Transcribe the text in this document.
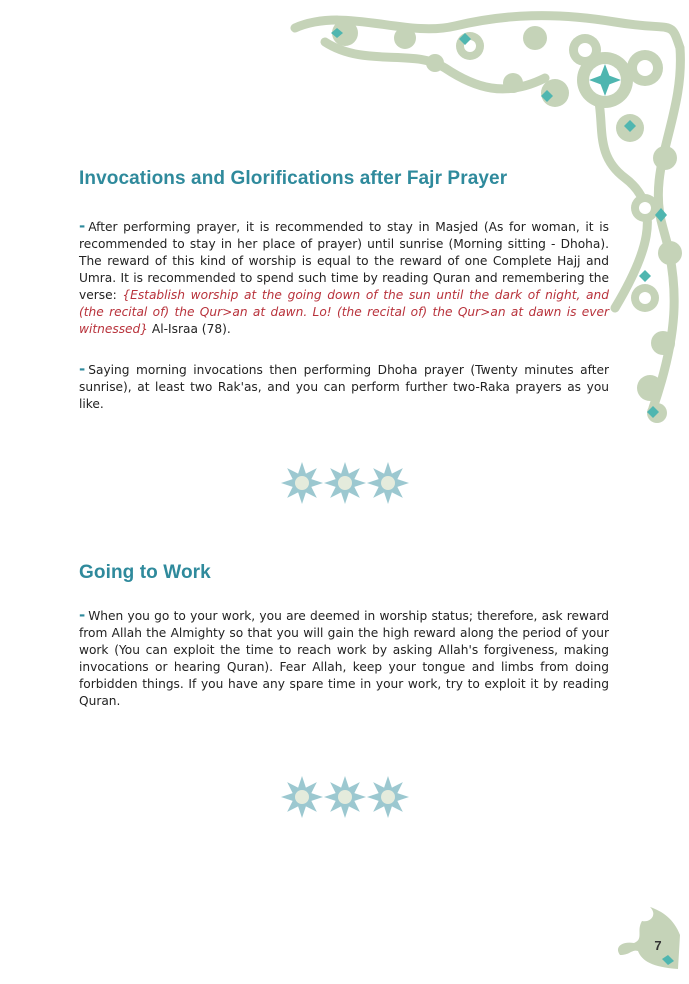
Invocations and Glorifications after Fajr Prayer

- After performing prayer, it is recommended to stay in Masjed (As for woman, it is recommended to stay in her place of prayer) until sunrise (Morning sitting - Dhoha). The reward of this kind of worship is equal to the reward of one Complete Hajj and Umra. It is recommended to spend such time by reading Quran and remembering the verse: {Establish worship at the going down of the sun until the dark of night, and (the recital of) the Qur>an at dawn. Lo! (the recital of) the Qur>an at dawn is ever witnessed} Al-Israa (78).

- Saying morning invocations then performing Dhoha prayer (Twenty minutes after sunrise), at least two Rak'as, and you can perform further two-Raka prayers as you like.

Going to Work

- When you go to your work, you are deemed in worship status; therefore, ask reward from Allah the Almighty so that you will gain the high reward along the period of your work (You can exploit the time to reach work by asking Allah's forgiveness, making invocations or hearing Quran). Fear Allah, keep your tongue and limbs from doing forbidden things. If you have any spare time in your work, try to exploit it by reading Quran.

7
